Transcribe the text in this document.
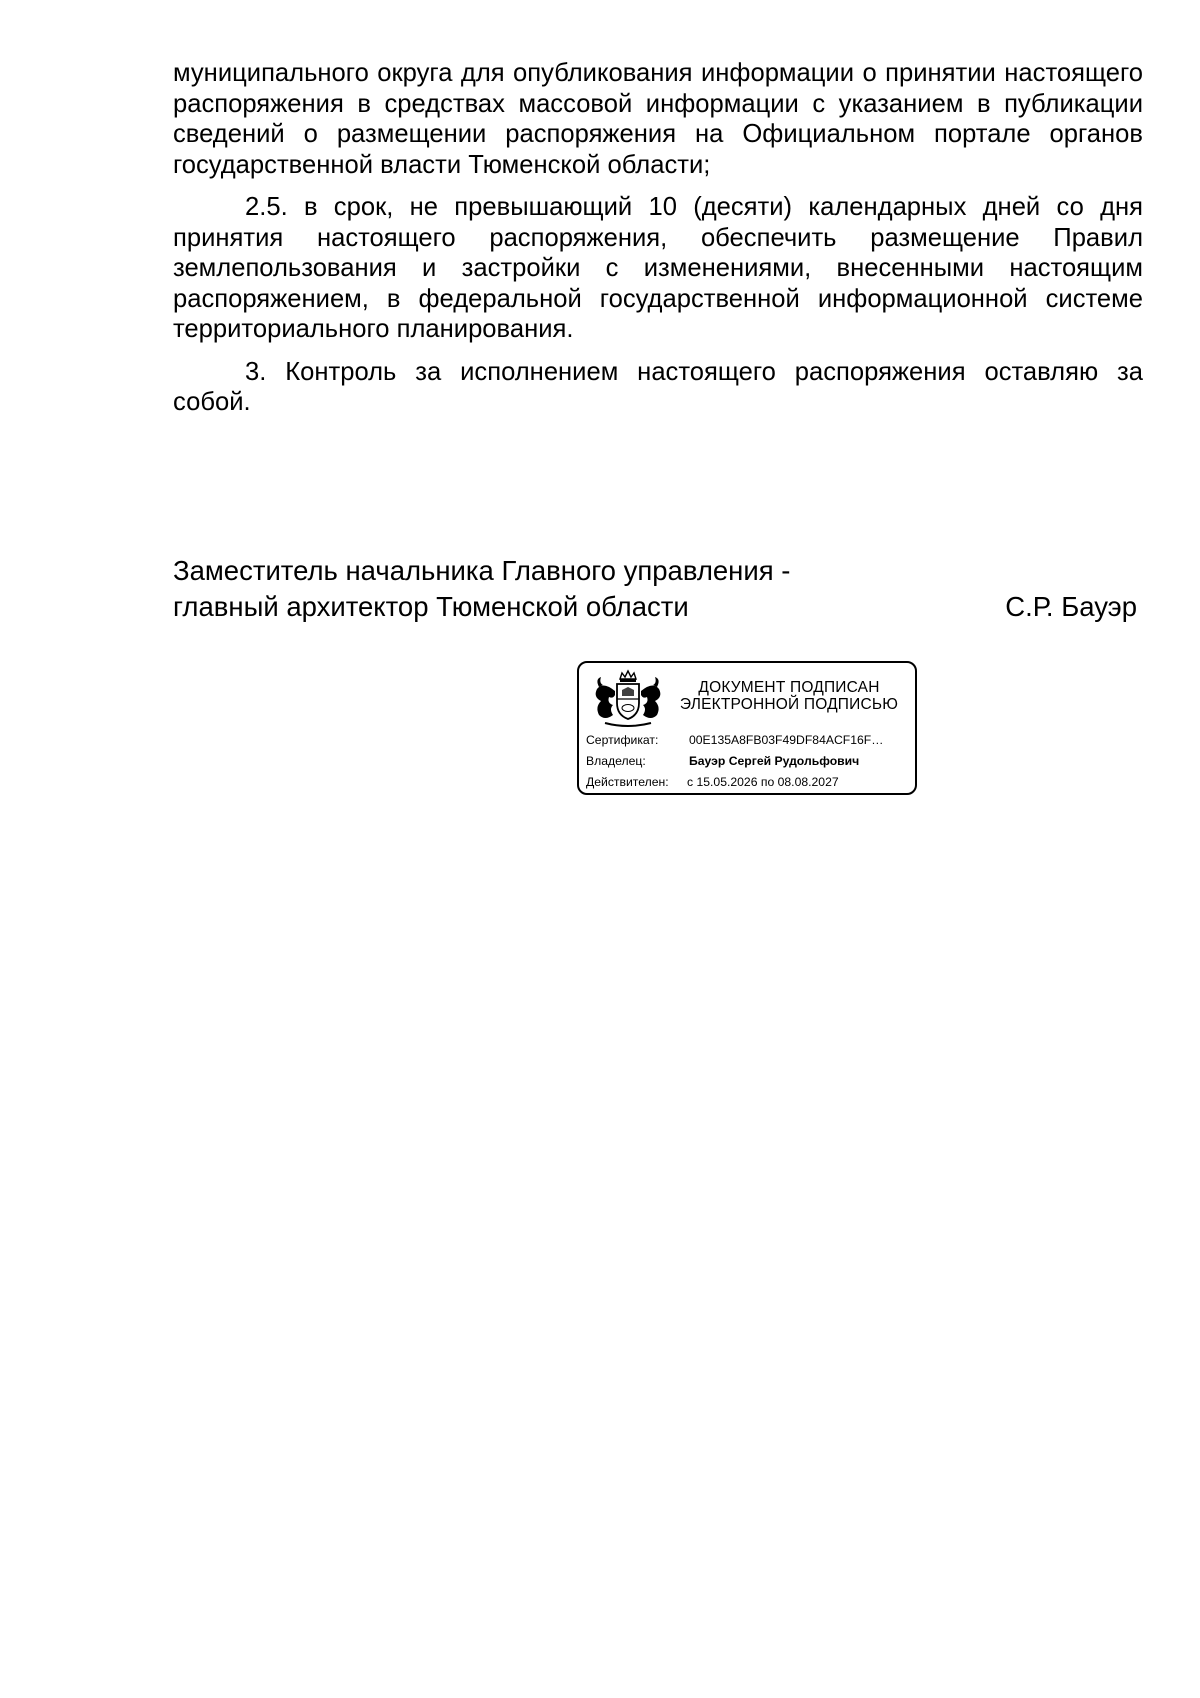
муниципального округа для опубликования информации о принятии настоящего распоряжения в средствах массовой информации с указанием в публикации сведений о размещении распоряжения на Официальном портале органов государственной власти Тюменской области;

2.5. в срок, не превышающий 10 (десяти) календарных дней со дня принятия настоящего распоряжения, обеспечить размещение Правил землепользования и застройки с изменениями, внесенными настоящим распоряжением, в федеральной государственной информационной системе территориального планирования.

3. Контроль за исполнением настоящего распоряжения оставляю за собой.

Заместитель начальника Главного управления -
главный архитектор Тюменской области	С.Р. Бауэр
ДОКУМЕНТ ПОДПИСАН
ЭЛЕКТРОННОЙ ПОДПИСЬЮ
Сертификат:	00E135A8FB03F49DF84ACF16F…
Владелец:	Бауэр Сергей Рудольфович
Действителен: с 15.05.2026 по 08.08.2027
